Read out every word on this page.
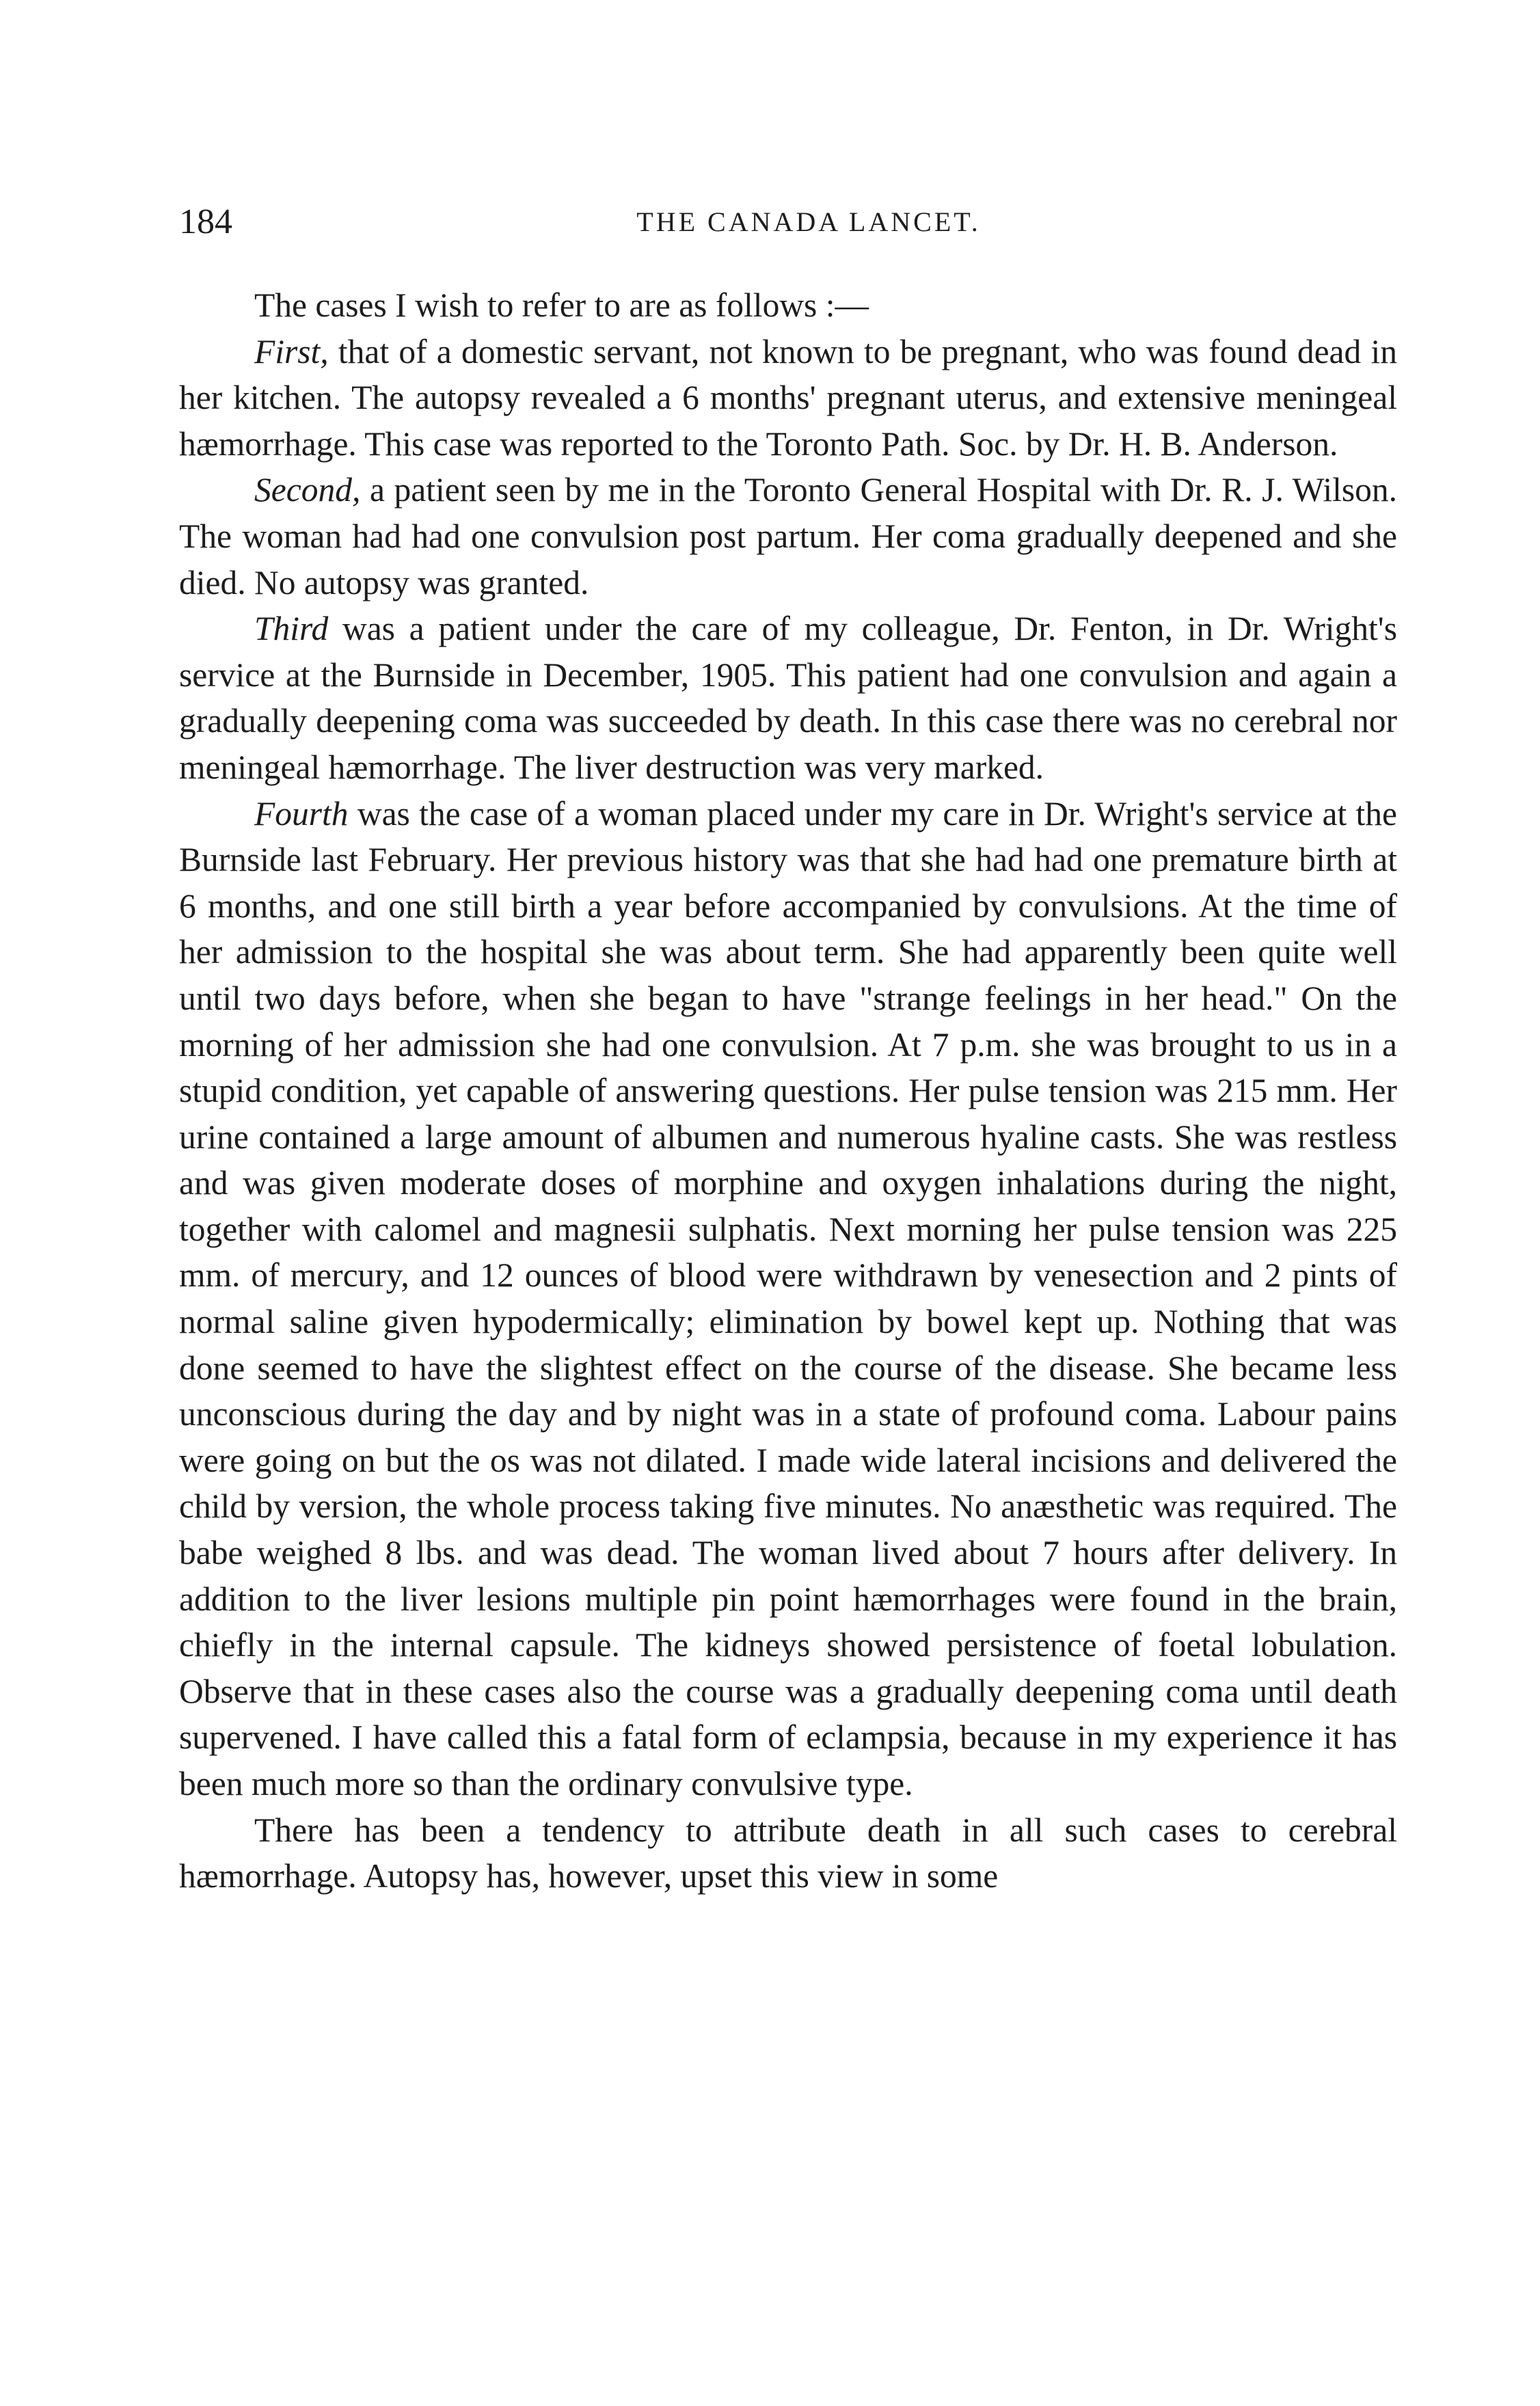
184	THE CANADA LANCET.

The cases I wish to refer to are as follows :—

First, that of a domestic servant, not known to be pregnant, who was found dead in her kitchen. The autopsy revealed a 6 months' pregnant uterus, and extensive meningeal hæmorrhage. This case was reported to the Toronto Path. Soc. by Dr. H. B. Anderson.

Second, a patient seen by me in the Toronto General Hospital with Dr. R. J. Wilson. The woman had had one convulsion post partum. Her coma gradually deepened and she died. No autopsy was granted.

Third was a patient under the care of my colleague, Dr. Fenton, in Dr. Wright's service at the Burnside in December, 1905. This patient had one convulsion and again a gradually deepening coma was succeeded by death. In this case there was no cerebral nor meningeal hæmorrhage. The liver destruction was very marked.

Fourth was the case of a woman placed under my care in Dr. Wright's service at the Burnside last February. Her previous history was that she had had one premature birth at 6 months, and one still birth a year before accompanied by convulsions. At the time of her admission to the hospital she was about term. She had apparently been quite well until two days before, when she began to have "strange feelings in her head." On the morning of her admission she had one convulsion. At 7 p.m. she was brought to us in a stupid condition, yet capable of answering questions. Her pulse tension was 215 mm. Her urine contained a large amount of albumen and numerous hyaline casts. She was restless and was given moderate doses of morphine and oxygen inhalations during the night, together with calomel and magnesii sulphatis. Next morning her pulse tension was 225 mm. of mercury, and 12 ounces of blood were withdrawn by venesection and 2 pints of normal saline given hypodermically; elimination by bowel kept up. Nothing that was done seemed to have the slightest effect on the course of the disease. She became less unconscious during the day and by night was in a state of profound coma. Labour pains were going on but the os was not dilated. I made wide lateral incisions and delivered the child by version, the whole process taking five minutes. No anæsthetic was required. The babe weighed 8 lbs. and was dead. The woman lived about 7 hours after delivery. In addition to the liver lesions multiple pin point hæmorrhages were found in the brain, chiefly in the internal capsule. The kidneys showed persistence of foetal lobulation. Observe that in these cases also the course was a gradually deepening coma until death supervened. I have called this a fatal form of eclampsia, because in my experience it has been much more so than the ordinary convulsive type.

There has been a tendency to attribute death in all such cases to cerebral hæmorrhage. Autopsy has, however, upset this view in some
